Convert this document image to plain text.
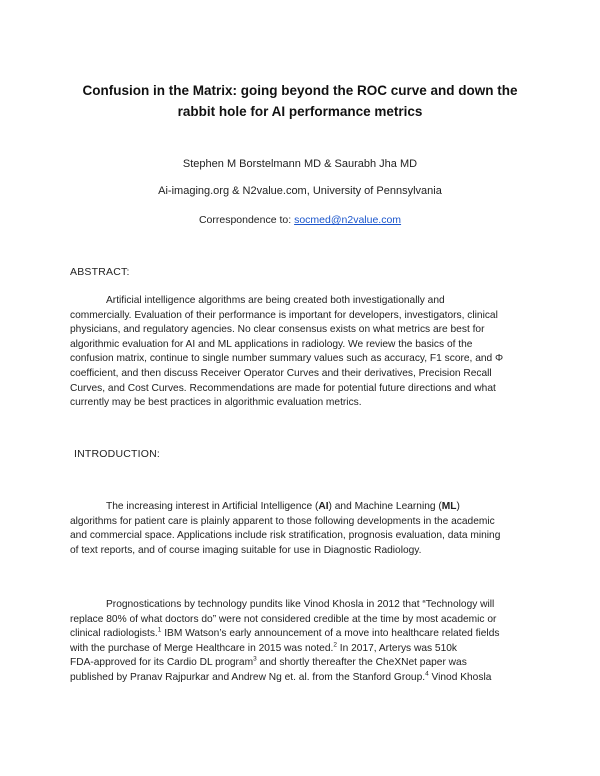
Confusion in the Matrix: going beyond the ROC curve and down the
rabbit hole for AI performance metrics
Stephen M Borstelmann MD & Saurabh Jha MD
Ai-imaging.org & N2value.com, University of Pennsylvania
Correspondence to: socmed@n2value.com
ABSTRACT:
Artificial intelligence algorithms are being created both investigationally and
commercially. Evaluation of their performance is important for developers, investigators, clinical
physicians, and regulatory agencies. No clear consensus exists on what metrics are best for
algorithmic evaluation for AI and ML applications in radiology. We review the basics of the
confusion matrix, continue to single number summary values such as accuracy, F1 score, and Φ
coefficient, and then discuss Receiver Operator Curves and their derivatives, Precision Recall
Curves, and Cost Curves. Recommendations are made for potential future directions and what
currently may be best practices in algorithmic evaluation metrics.
INTRODUCTION:
The increasing interest in Artificial Intelligence (AI) and Machine Learning (ML)
algorithms for patient care is plainly apparent to those following developments in the academic
and commercial space. Applications include risk stratification, prognosis evaluation, data mining
of text reports, and of course imaging suitable for use in Diagnostic Radiology.
Prognostications by technology pundits like Vinod Khosla in 2012 that “Technology will
replace 80% of what doctors do” were not considered credible at the time by most academic or
clinical radiologists.$^1$ IBM Watson’s early announcement of a move into healthcare related fields
with the purchase of Merge Healthcare in 2015 was noted.$^2$ In 2017, Arterys was 510k
FDA-approved for its Cardio DL program$^3$ and shortly thereafter the CheXNet paper was
published by Pranav Rajpurkar and Andrew Ng et. al. from the Stanford Group.$^4$ Vinod Khosla
